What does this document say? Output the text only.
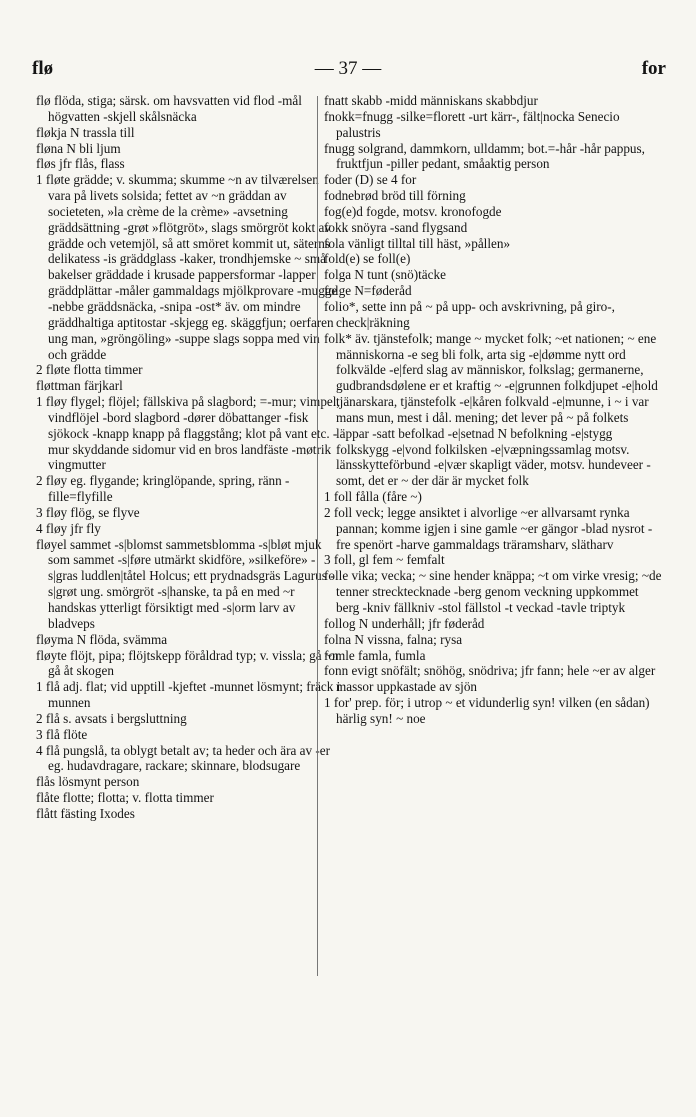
flø	— 37 —	for

flø flöda, stiga; särsk. om havsvatten vid flod -mål högvatten -skjell skålsnäcka

fløkja N trassla till

fløna N bli ljum

fløs jfr flås, flass

1 fløte grädde; v. skumma; skumme ~n av tilværelsen vara på livets solsida; fettet av ~n gräddan av societeten, »la crème de la crème» -avsetning gräddsättning -grøt »flötgröt», slags smörgröt kokt av grädde och vetemjöl, så att smöret kommit ut, säterns delikatess -is gräddglass -kaker, trondhjemske ~ små bakelser gräddade i krusade pappersformar -lapper gräddplättar -måler gammaldags mjölkprovare -mugge -nebbe gräddsnäcka, -snipa -ost* äv. om mindre gräddhaltiga aptitostar -skjegg eg. skäggfjun; oerfaren ung man, »gröngöling» -suppe slags soppa med vin och grädde

2 fløte flotta timmer

fløttman färjkarl

1 fløy flygel; flöjel; fällskiva på slagbord; =-mur; vimpel, vindflöjel -bord slagbord -dører döbattanger -fisk sjökock -knapp knapp på flaggstång; klot på vant etc. -mur skyddande sidomur vid en bros landfäste -møtrik vingmutter

2 fløy eg. flygande; kringlöpande, spring, ränn -fille=flyfille

3 fløy flög, se flyve

4 fløy jfr fly

fløyel sammet -s|blomst sammetsblomma -s|bløt mjuk som sammet -s|føre utmärkt skidföre, »silkeföre» -s|gras luddlen|tåtel Holcus; ett prydnadsgräs Lagurus -s|grøt ung. smörgröt -s|hanske, ta på en med ~r handskas ytterligt försiktigt med -s|orm larv av bladveps

fløyma N flöda, svämma

fløyte flöjt, pipa; flöjtskepp föråldrad typ; v. vissla; gå ~n gå åt skogen

1 flå adj. flat; vid upptill -kjeftet -munnet lösmynt; fräck i munnen

2 flå s. avsats i bergsluttning

3 flå flöte

4 flå pungslå, ta oblygt betalt av; ta heder och ära av -er eg. hudavdragare, rackare; skinnare, blodsugare

flås lösmynt person

flåte flotte; flotta; v. flotta timmer

flått fästing Ixodes

fnatt skabb -midd människans skabbdjur

fnokk=fnugg -silke=florett -urt kärr-, fält|nocka Senecio palustris

fnugg solgrand, dammkorn, ulldamm; bot.=-hår -hår pappus, fruktfjun -piller pedant, småaktig person

foder (D) se 4 for

fodnebrød bröd till förning

fog(e)d fogde, motsv. kronofogde

fokk snöyra -sand flygsand

fola vänligt tilltal till häst, »pållen»

fold(e) se foll(e)

folga N tunt (snö)täcke

folge N=føderåd

folio*, sette inn på ~ på upp- och avskrivning, på giro-, check|räkning

folk* äv. tjänstefolk; mange ~ mycket folk; ~et nationen; ~ ene människorna -e seg bli folk, arta sig -e|dømme nytt ord folkvälde -e|ferd slag av människor, folkslag; germanerne, gudbrandsdølene er et kraftig ~ -e|grunnen folkdjupet -e|hold tjänarskara, tjänstefolk -e|kåren folkvald -e|munne, i ~ i var mans mun, mest i dål. mening; det lever på ~ på folkets läppar -satt befolkad -e|setnad N befolkning -e|stygg folkskygg -e|vond folkilsken -e|væpningssamlag motsv. länsskytteförbund -e|vær skapligt väder, motsv. hundeveer -somt, det er ~ der där är mycket folk

1 foll fålla (fåre ~)

2 foll veck; legge ansiktet i alvorlige ~er allvarsamt rynka pannan; komme igjen i sine gamle ~er gängor -blad nysrot -fre spenört -harve gammaldags träramsharv, slätharv

3 foll, gl fem ~ femfalt

folle vika; vecka; ~ sine hender knäppa; ~t om virke vresig; ~de tenner strecktecknade -berg genom veckning uppkommet berg -kniv fällkniv -stol fällstol -t veckad -tavle triptyk

follog N underhåll; jfr føderåd

folna N vissna, falna; rysa

fomle famla, fumla

fonn evigt snöfält; snöhög, snödriva; jfr fann; hele ~er av alger massor uppkastade av sjön

1 for' prep. för; i utrop ~ et vidunderlig syn! vilken (en sådan) härlig syn! ~ noe
